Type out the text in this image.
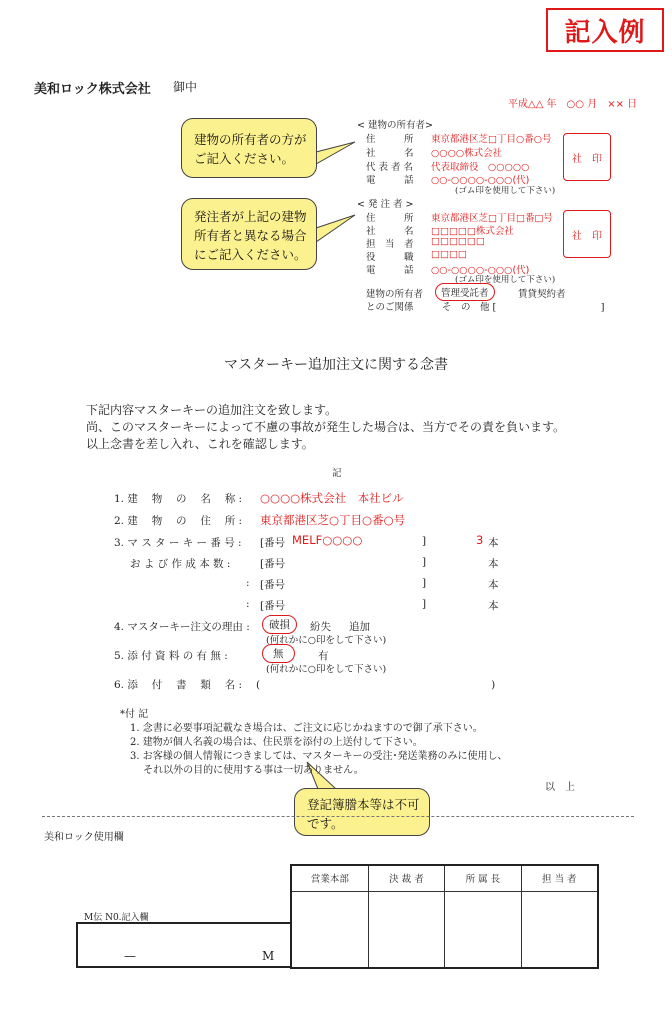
記入例
美和ロック株式会社 御中
平成△△ 年　○○ 月　×× 日
< 建物の所有者>
住　　　所 東京都港区芝□丁目○番○号
社　　　名 ○○○○株式会社
代 表 者 名 代表取締役　○○○○○
電　　　話 ○○-○○○○-○○○(代)
(ゴム印を使用して下さい)
社　印
< 発 注 者 >
住　　　所 東京都港区芝□丁目□番□号
社　　　名 □□□□□株式会社
担　当　者 □□□□□□
役　　　職 □□□□
電　　　話 ○○-○○○○-○○○(代)
(ゴム印を使用して下さい)
社　印
建物の所有者
とのご関係
管理受託者	賃貸契約者
そ　の　他 [　　　　　　　　　　　]
建物の所有者の方が
ご記入ください。
発注者が上記の建物
所有者と異なる場合
にご記入ください。
登記簿謄本等は不可
です。
マスターキー追加注文に関する念書
下記内容マスターキーの追加注文を致します。
尚、このマスターキーによって不慮の事故が発生した場合は、当方でその責を負います。
以上念書を差し入れ、これを確認します。
記
1. 建　 物　 の　 名　 称 : ○○○○株式会社　本社ビル
2. 建　 物　 の　 住　 所 : 東京都港区芝○丁目○番○号
3. マ ス タ ー キ ー 番 号 : [番号 MELF○○○○	]	3 本
お よ び 作 成 本 数 :	[番号	]	本
: [番号	]	本
: [番号	]	本
4. マスターキー注文の理由 :	破損	紛失 追加
(何れかに○印をして下さい)
5. 添 付 資 料 の 有 無 :	無	有
(何れかに○印をして下さい)
6. 添　 付　 書　 類　 名 : (　　　　　　　　　　　　　　　　　　　　　　)
*付 記
1. 念書に必要事項記載なき場合は、ご注文に応じかねますので御了承下さい。
2. 建物が個人名義の場合は、住民票を添付の上送付して下さい。
3. お客様の個人情報につきましては、マスターキーの受注･発送業務のみに使用し、
　 それ以外の目的に使用する事は一切ありません。
以　上
美和ロック使用欄
営業本部	決 裁 者	所 属 長	担 当 者

M伝 N0.記入欄
—	M
